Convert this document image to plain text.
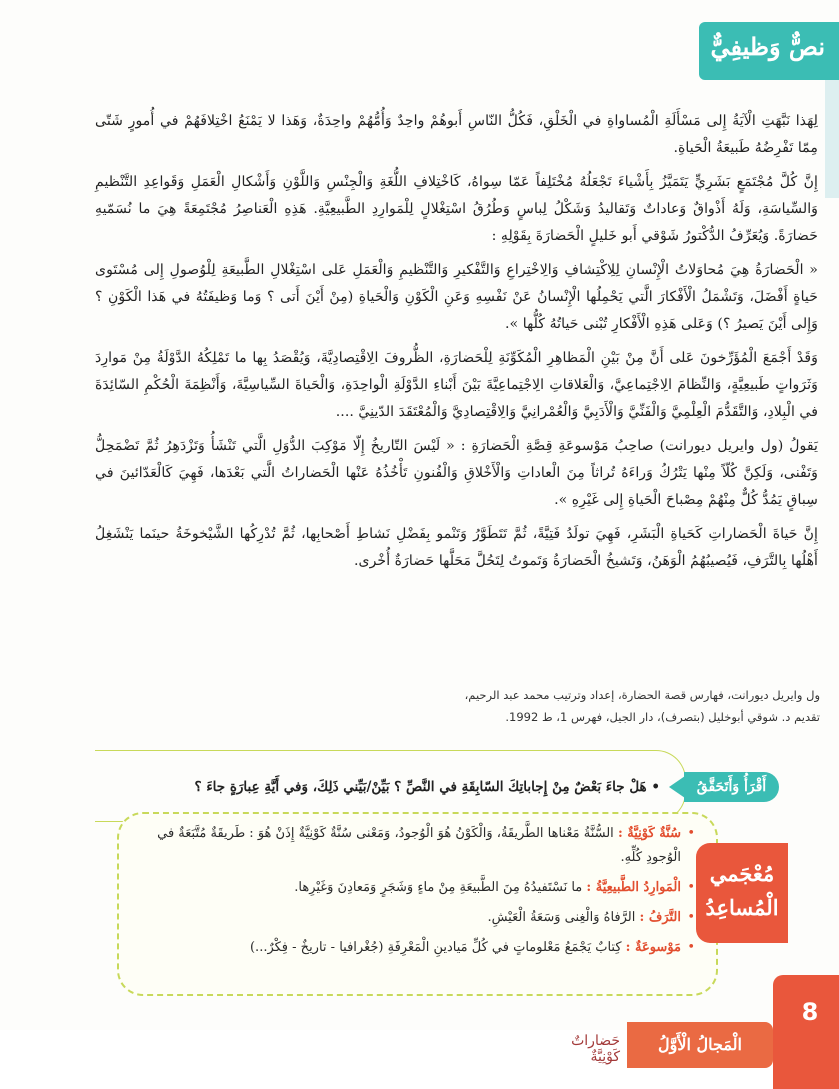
نصٌّ وَظيفِيٌّ

لِهَذا نَبَّهَتِ الْآيَةُ إِلى مَسْأَلَةِ الْمُساواةِ في الْخَلْقِ، فَكُلُّ النّاسِ أَبوهُمْ واحِدٌ وَأُمُّهُمْ واحِدَةٌ، وَهَذا لا يَمْنَعُ اخْتِلافَهُمْ في أُمورٍ شَتّى مِمّا تَفْرِضُهُ طَبيعَةُ الْحَياةِ.

إِنَّ كُلَّ مُجْتَمَعٍ بَشَرِيٍّ يَتَمَيَّزُ بِأَشْياءَ تَجْعَلُهُ مُخْتَلِفاً عَمّا سِواهُ، كَاخْتِلافِ اللُّغَةِ وَالْجِنْسِ وَاللَّوْنِ وَأَشْكالِ الْعَمَلِ وَقَواعِدِ التَّنْظيمِ وَالسِّياسَةِ، وَلَهُ أَذْواقٌ وَعاداتٌ وَتَقاليدُ وَشَكْلُ لِباسٍ وَطُرُقُ اسْتِغْلالٍ لِلْمَوارِدِ الطَّبيعِيَّةِ. هَذِهِ الْعَناصِرُ مُجْتَمِعَةً هِيَ ما نُسَمّيهِ حَضارَةً. وَيُعَرِّفُ الدُّكْتورُ شَوْقي أَبو خَليلٍ الْحَضارَةَ بِقَوْلِهِ :

« الْحَضارَةُ هِيَ مُحاوَلاتُ الْإِنْسانِ لِلِاكْتِشافِ وَالِاخْتِراعِ وَالتَّفْكيرِ وَالتَّنْظيمِ وَالْعَمَلِ عَلى اسْتِغْلالِ الطَّبيعَةِ لِلْوُصولِ إِلى مُسْتَوى حَياةٍ أَفْضَلَ، وَتَشْمَلُ الْأَفْكارَ الَّتي يَحْمِلُها الْإِنْسانُ عَنْ نَفْسِهِ وَعَنِ الْكَوْنِ وَالْحَياةِ (مِنْ أَيْنَ أَتى ؟ وَما وَظيفَتُهُ في هَذا الْكَوْنِ ؟ وَإِلى أَيْنَ يَصيرُ ؟) وَعَلى هَذِهِ الْأَفْكارِ تُبْنى حَياتُهُ كُلُّها ».

وَقَدْ أَجْمَعَ الْمُؤَرِّخونَ عَلى أَنَّ مِنْ بَيْنِ الْمَظاهِرِ الْمُكَوِّنَةِ لِلْحَضارَةِ، الظُّروفَ الِاقْتِصادِيَّةَ، وَيُقْصَدُ بِها ما تَمْلِكُهُ الدَّوْلَةُ مِنْ مَوارِدَ وَثَرَواتٍ طَبيعِيَّةٍ، وَالنِّظامَ الِاجْتِماعِيَّ، وَالْعَلاقاتِ الِاجْتِماعِيَّةَ بَيْنَ أَبْناءِ الدَّوْلَةِ الْواحِدَةِ، وَالْحَياةَ السِّياسِيَّةَ، وَأَنْظِمَةَ الْحُكْمِ السّائِدَةَ في الْبِلادِ، وَالتَّقَدُّمَ الْعِلْمِيَّ وَالْفَنِّيَّ وَالْأَدَبِيَّ وَالْعُمْرانِيَّ وَالِاقْتِصادِيَّ وَالْمُعْتَقَدَ الدّينِيَّ ....

يَقولُ (ول وايريل ديورانت) صاحِبُ مَوْسوعَةِ قِصَّةِ الْحَضارَةِ : « لَيْسَ التّاريخُ إِلّا مَوْكِبَ الدُّوَلِ الَّتي تَنْشَأُ وَتَزْدَهِرُ ثُمَّ تَضْمَحِلُّ وَتَفْنى، وَلَكِنَّ كُلّاً مِنْها يَتْرُكُ وَراءَهُ تُراثاً مِنَ الْعاداتِ وَالْأَخْلاقِ وَالْفُنونِ تَأْخُذُهُ عَنْها الْحَضاراتُ الَّتي بَعْدَها، فَهِيَ كَالْعَدّائينَ في سِباقٍ يَمُدُّ كُلٌّ مِنْهُمْ مِصْباحَ الْحَياةِ إِلى غَيْرِهِ ».

إِنَّ حَياةَ الْحَضاراتِ كَحَياةِ الْبَشَرِ، فَهِيَ تولَدُ فَتِيَّةً، ثُمَّ تَتَطَوَّرُ وَتَنْمو بِفَضْلِ نَشاطِ أَصْحابِها، ثُمَّ تُدْرِكُها الشَّيْخوخَةُ حينَما يَنْشَغِلُ أَهْلُها بِالتَّرَفِ، فَيُصيبُهُمُ الْوَهَنُ، وَتَشيخُ الْحَضارَةُ وَتَموتُ لِتَحُلَّ مَحَلَّها حَضارَةٌ أُخْرى.

ول وايريل ديورانت، فهارس قصة الحضارة، إعداد وترتيب محمد عبد الرحيم،
تقديم د. شوقي أبوخليل (بتصرف)، دار الجيل، فهرس 1، ط 1992.
أَقْرَأُ وَأَتَحَقَّقُ
• هَلْ جاءَ بَعْضٌ مِنْ إِجاباتِكَ السّابِقَةِ في النَّصِّ ؟ بَيِّنْ/بَيِّني ذَلِكَ، وَفي أَيَّةِ عِبارَةٍ جاءَ ؟
•
سُنَّةٌ كَوْنِيَّةٌ : السُّنَّةُ مَعْناها الطَّريقَةُ، وَالْكَوْنُ هُوَ الْوُجودُ، وَمَعْنى سُنَّةٌ كَوْنِيَّةٌ إِذَنْ هُوَ : طَريقَةٌ مُتَّبَعَةٌ في الْوُجودِ كُلِّهِ.
•
الْمَوارِدُ الطَّبيعِيَّةُ : ما نَسْتَفيدُهُ مِنَ الطَّبيعَةِ مِنْ ماءٍ وَشَجَرٍ وَمَعادِنَ وَغَيْرِها.
•
التَّرَفُ : الرَّفاهُ وَالْغِنى وَسَعَةُ الْعَيْشِ.
•
مَوْسوعَةٌ : كِتابٌ يَجْمَعُ مَعْلوماتٍ في كُلِّ مَيادينِ الْمَعْرِفَةِ (جُغْرافيا - تاريخٌ - فِكْرٌ...)
مُعْجَمي
الْمُساعِدُ
8
الْمَجالُ الْأَوَّلُ
حَضاراتٌ كَوْنِيَّةٌ
